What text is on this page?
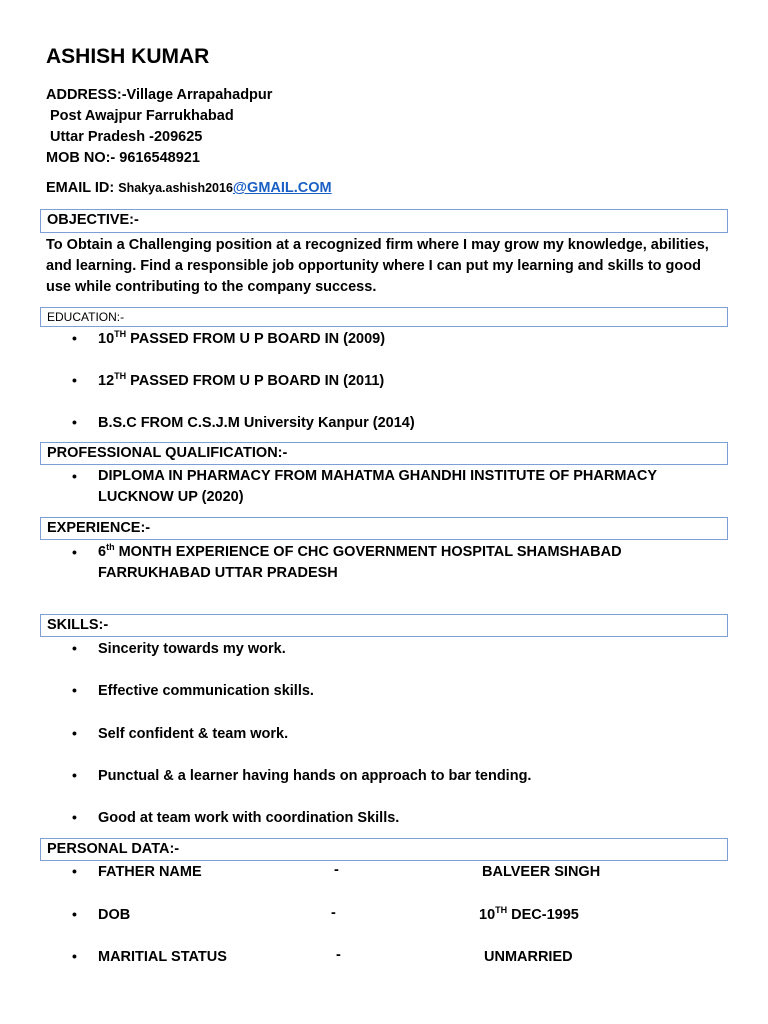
ASHISH KUMAR
ADDRESS:-Village Arrapahadpur
Post Awajpur Farrukhabad
Uttar Pradesh -209625
MOB NO:- 9616548921
EMAIL ID: Shakya.ashish2016@GMAIL.COM
OBJECTIVE:-
To Obtain a Challenging position at a recognized firm where I may grow my knowledge, abilities, and learning. Find a responsible job opportunity where I can put my learning and skills to good use while contributing to the company success.
EDUCATION:-
• 10TH PASSED FROM U P BOARD IN (2009)
• 12TH PASSED FROM U P BOARD IN (2011)
• B.S.C FROM C.S.J.M University Kanpur (2014)
PROFESSIONAL QUALIFICATION:-
• DIPLOMA IN PHARMACY FROM MAHATMA GHANDHI INSTITUTE OF PHARMACY
LUCKNOW UP (2020)
EXPERIENCE:-
• 6th MONTH EXPERIENCE OF CHC GOVERNMENT HOSPITAL SHAMSHABAD
FARRUKHABAD UTTAR PRADESH
SKILLS:-
• Sincerity towards my work.
• Effective communication skills.
• Self confident & team work.
• Punctual & a learner having hands on approach to bar tending.
• Good at team work with coordination Skills.
PERSONAL DATA:-
• FATHER NAME	-	BALVEER SINGH
• DOB	-	10TH DEC-1995
• MARITIAL STATUS	-	UNMARRIED
